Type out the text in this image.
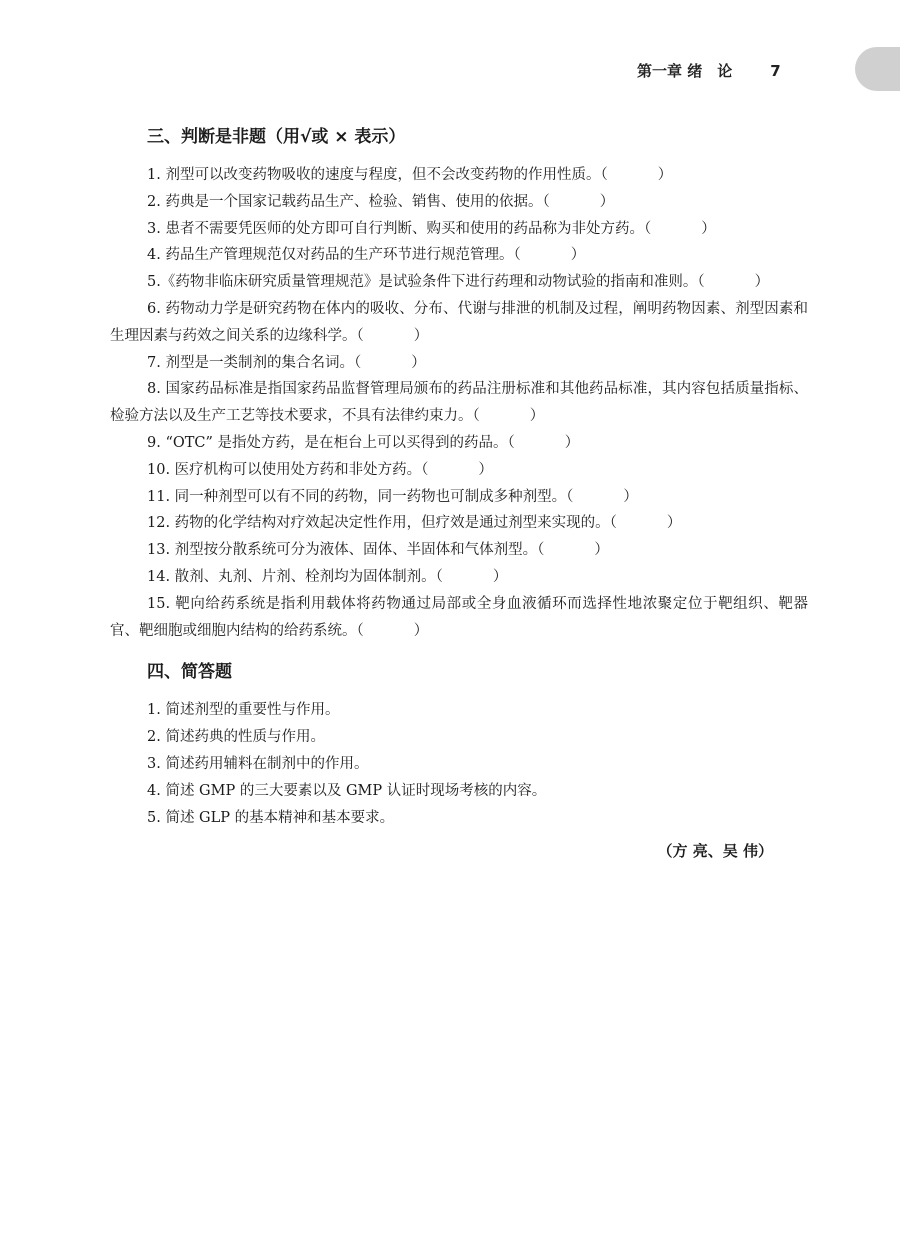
第一章 绪　论	7
三、判断是非题（用√或 × 表示）
1. 剂型可以改变药物吸收的速度与程度，但不会改变药物的作用性质。（	）
2. 药典是一个国家记载药品生产、检验、销售、使用的依据。（	）
3. 患者不需要凭医师的处方即可自行判断、购买和使用的药品称为非处方药。（	）
4. 药品生产管理规范仅对药品的生产环节进行规范管理。（	）
5.《药物非临床研究质量管理规范》是试验条件下进行药理和动物试验的指南和准则。（	）
6. 药物动力学是研究药物在体内的吸收、分布、代谢与排泄的机制及过程，阐明药物因素、剂型因素和生理因素与药效之间关系的边缘科学。（	）
7. 剂型是一类制剂的集合名词。（	）
8. 国家药品标准是指国家药品监督管理局颁布的药品注册标准和其他药品标准，其内容包括质量指标、检验方法以及生产工艺等技术要求，不具有法律约束力。（	）
9. “OTC” 是指处方药，是在柜台上可以买得到的药品。（	）
10. 医疗机构可以使用处方药和非处方药。（	）
11. 同一种剂型可以有不同的药物，同一药物也可制成多种剂型。（	）
12. 药物的化学结构对疗效起决定性作用，但疗效是通过剂型来实现的。（	）
13. 剂型按分散系统可分为液体、固体、半固体和气体剂型。（	）
14. 散剂、丸剂、片剂、栓剂均为固体制剂。（	）
15. 靶向给药系统是指利用载体将药物通过局部或全身血液循环而选择性地浓聚定位于靶组织、靶器官、靶细胞或细胞内结构的给药系统。（	）
四、简答题
1. 简述剂型的重要性与作用。
2. 简述药典的性质与作用。
3. 简述药用辅料在制剂中的作用。
4. 简述 GMP 的三大要素以及 GMP 认证时现场考核的内容。
5. 简述 GLP 的基本精神和基本要求。
（方 亮、吴 伟）
